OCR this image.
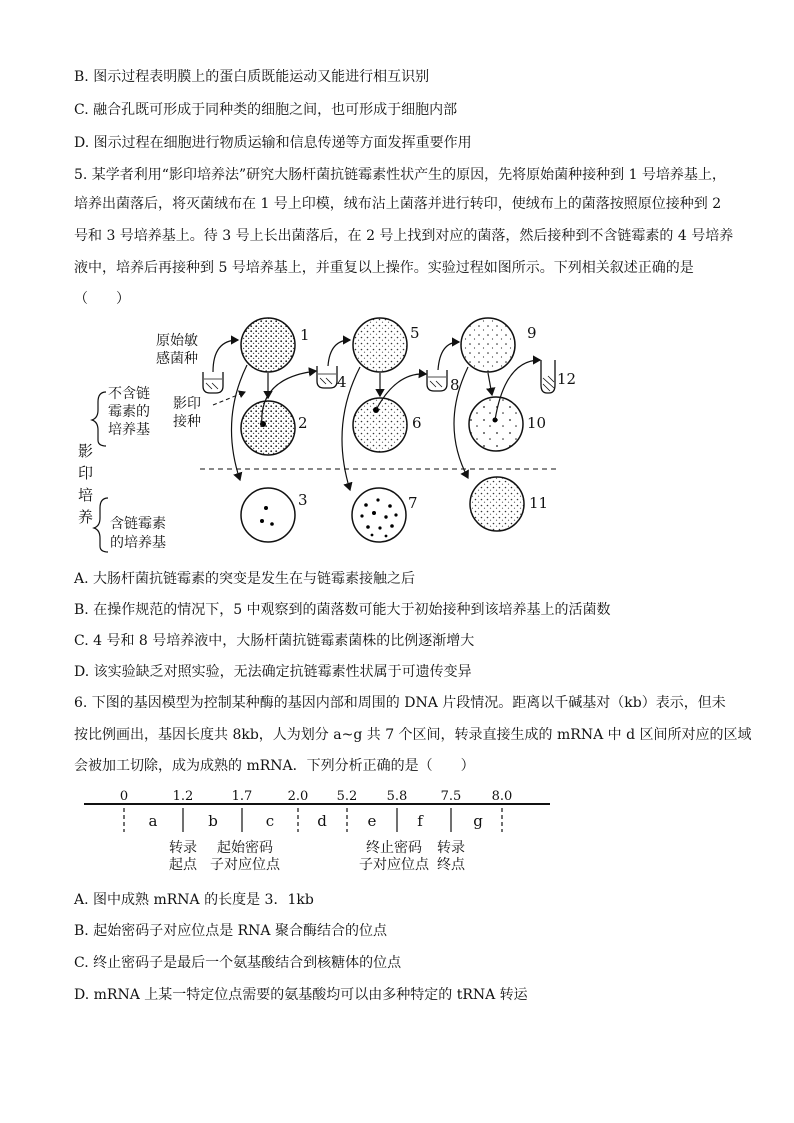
B. 图示过程表明膜上的蛋白质既能运动又能进行相互识别
C. 融合孔既可形成于同种类的细胞之间，也可形成于细胞内部
D. 图示过程在细胞进行物质运输和信息传递等方面发挥重要作用
5. 某学者利用“影印培养法”研究大肠杆菌抗链霉素性状产生的原因，先将原始菌种接种到 1 号培养基上，
培养出菌落后，将灭菌绒布在 1 号上印模，绒布沾上菌落并进行转印，使绒布上的菌落按照原位接种到 2
号和 3 号培养基上。待 3 号上长出菌落后，在 2 号上找到对应的菌落，然后接种到不含链霉素的 4 号培养
液中，培养后再接种到 5 号培养基上，并重复以上操作。实验过程如图所示。下列相关叙述正确的是
（　　）
原始敏
感菌种
不含链
霉素的
培养基
影印
接种
影
印
培
养 含链霉素
的培养基
1
2
3
4
5
6
7
8
9
10
11
12
A. 大肠杆菌抗链霉素的突变是发生在与链霉素接触之后
B. 在操作规范的情况下，5 中观察到的菌落数可能大于初始接种到该培养基上的活菌数
C. 4 号和 8 号培养液中，大肠杆菌抗链霉素菌株的比例逐渐增大
D. 该实验缺乏对照实验，无法确定抗链霉素性状属于可遗传变异
6. 下图的基因模型为控制某种酶的基因内部和周围的 DNA 片段情况。距离以千碱基对（kb）表示，但未
按比例画出，基因长度共 8kb，人为划分 a~g 共 7 个区间，转录直接生成的 mRNA 中 d 区间所对应的区域
会被加工切除，成为成熟的 mRNA．下列分析正确的是（　　）
0	1.2	1.7	2.0 5.2 5.8	7.5 8.0
a	b	c	d	e	f	g
转录
起点
起始密码
子对应位点
终止密码
子对应位点
转录
终点
A. 图中成熟 mRNA 的长度是 3．1kb
B. 起始密码子对应位点是 RNA 聚合酶结合的位点
C. 终止密码子是最后一个氨基酸结合到核糖体的位点
D. mRNA 上某一特定位点需要的氨基酸均可以由多种特定的 tRNA 转运
